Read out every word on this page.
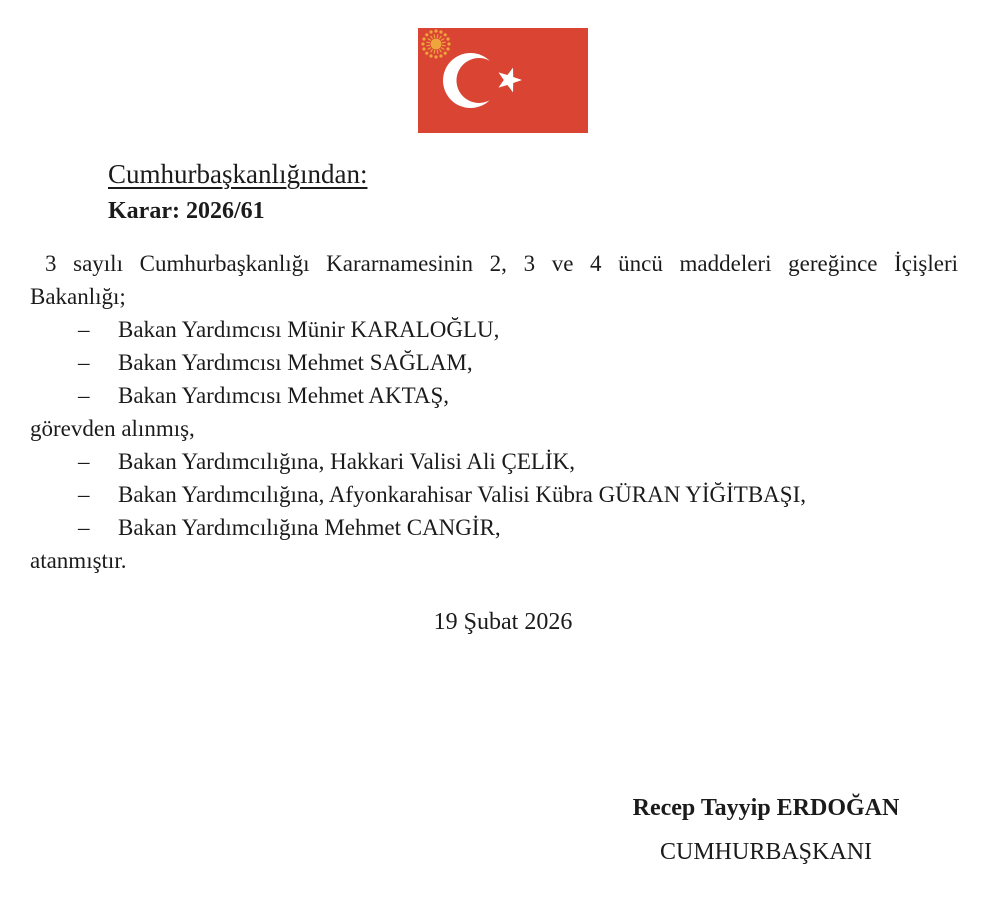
Cumhurbaşkanlığından:
Karar: 2026/61
3 sayılı Cumhurbaşkanlığı Kararnamesinin 2, 3 ve 4 üncü maddeleri gereğince İçişleri
Bakanlığı;
– Bakan Yardımcısı Münir KARALOĞLU,
– Bakan Yardımcısı Mehmet SAĞLAM,
– Bakan Yardımcısı Mehmet AKTAŞ,
görevden alınmış,
– Bakan Yardımcılığına, Hakkari Valisi Ali ÇELİK,
– Bakan Yardımcılığına, Afyonkarahisar Valisi Kübra GÜRAN YİĞİTBAŞI,
– Bakan Yardımcılığına Mehmet CANGİR,
atanmıştır.
19 Şubat 2026
Recep Tayyip ERDOĞAN
CUMHURBAŞKANI
